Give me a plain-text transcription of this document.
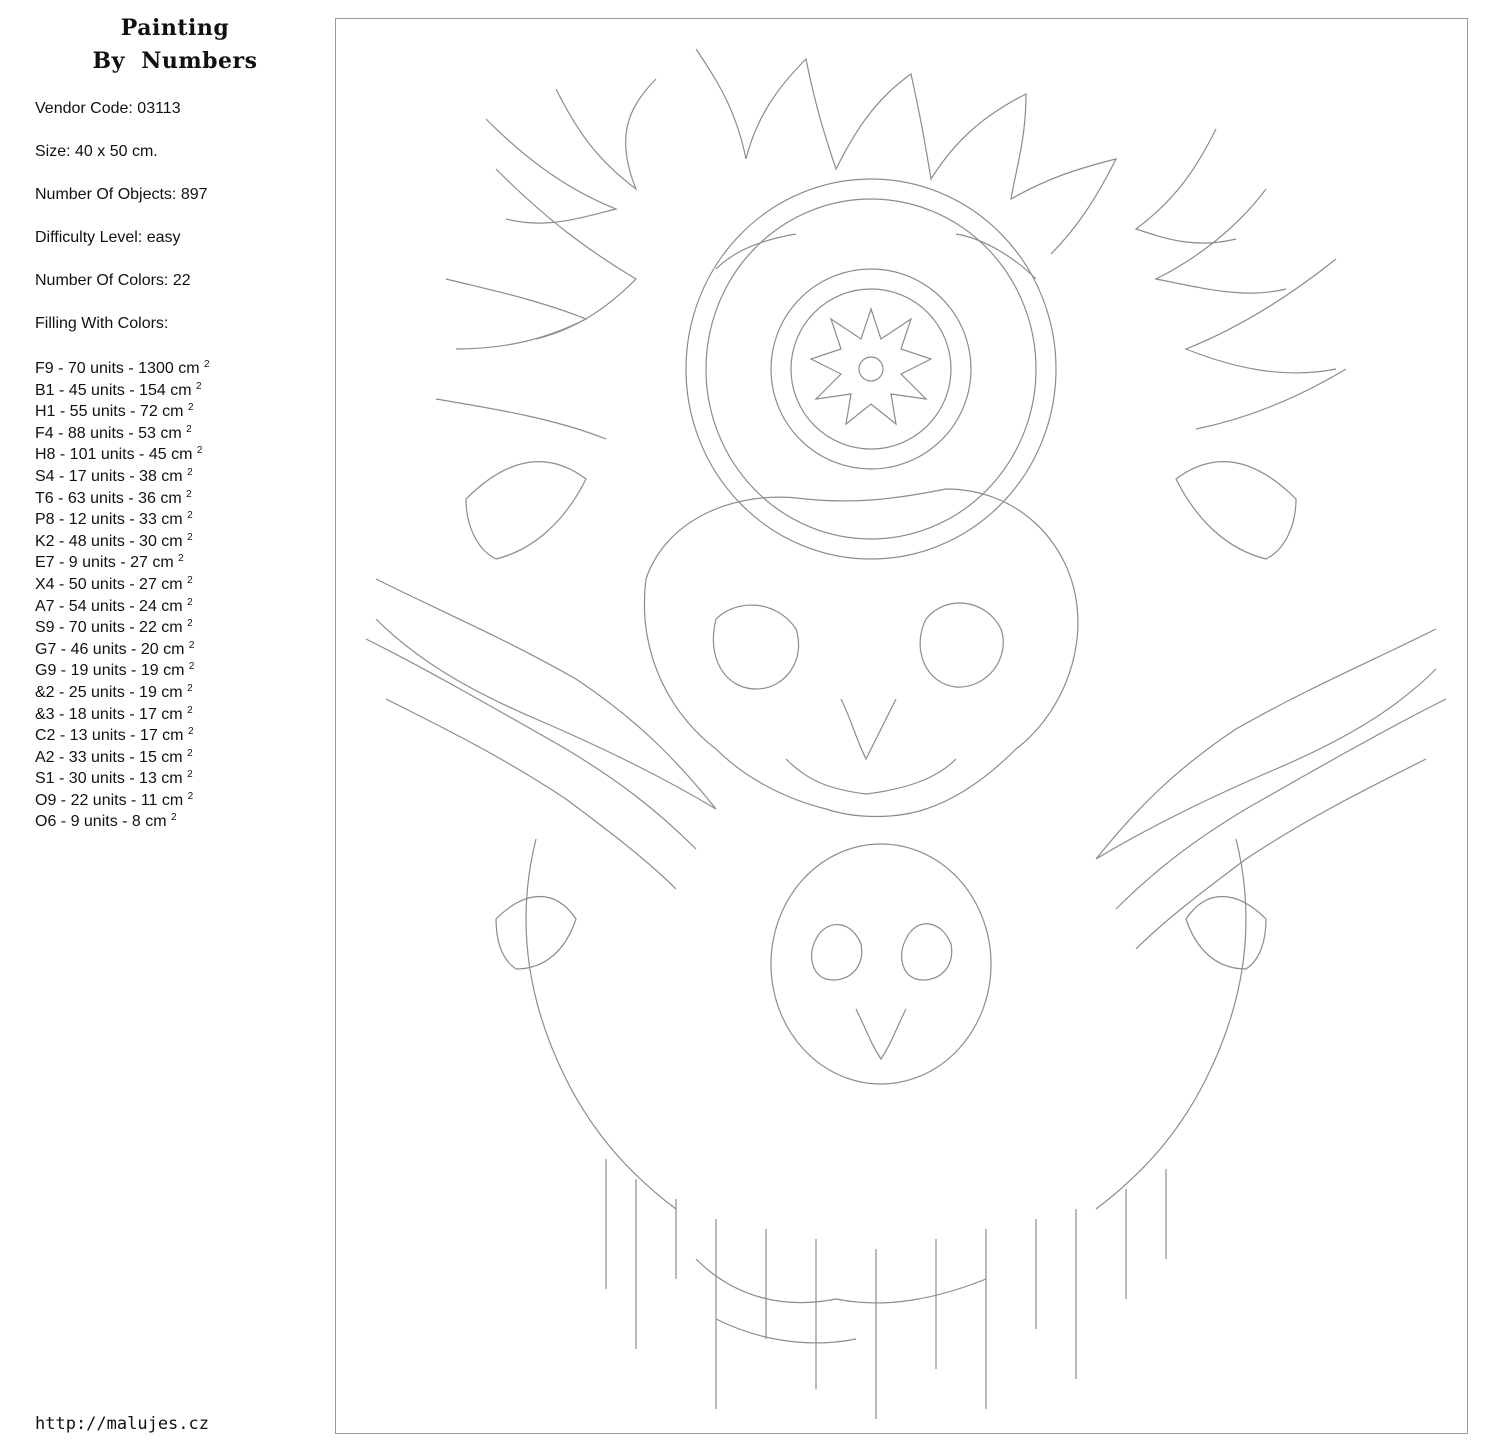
Painting
By  Numbers
Vendor Code: 03113
Size: 40 x 50 cm.
Number Of Objects: 897
Difficulty Level: easy
Number Of Colors: 22
Filling With Colors:
F9 - 70 units - 1300 cm $^2$
B1 - 45 units - 154 cm $^2$
H1 - 55 units - 72 cm $^2$
F4 - 88 units - 53 cm $^2$
H8 - 101 units - 45 cm $^2$
S4 - 17 units - 38 cm $^2$
T6 - 63 units - 36 cm $^2$
P8 - 12 units - 33 cm $^2$
K2 - 48 units - 30 cm $^2$
E7 - 9 units - 27 cm $^2$
X4 - 50 units - 27 cm $^2$
A7 - 54 units - 24 cm $^2$
S9 - 70 units - 22 cm $^2$
G7 - 46 units - 20 cm $^2$
G9 - 19 units - 19 cm $^2$
&2 - 25 units - 19 cm $^2$
&3 - 18 units - 17 cm $^2$
C2 - 13 units - 17 cm $^2$
A2 - 33 units - 15 cm $^2$
S1 - 30 units - 13 cm $^2$
O9 - 22 units - 11 cm $^2$
O6 - 9 units - 8 cm $^2$
http://malujes.cz
